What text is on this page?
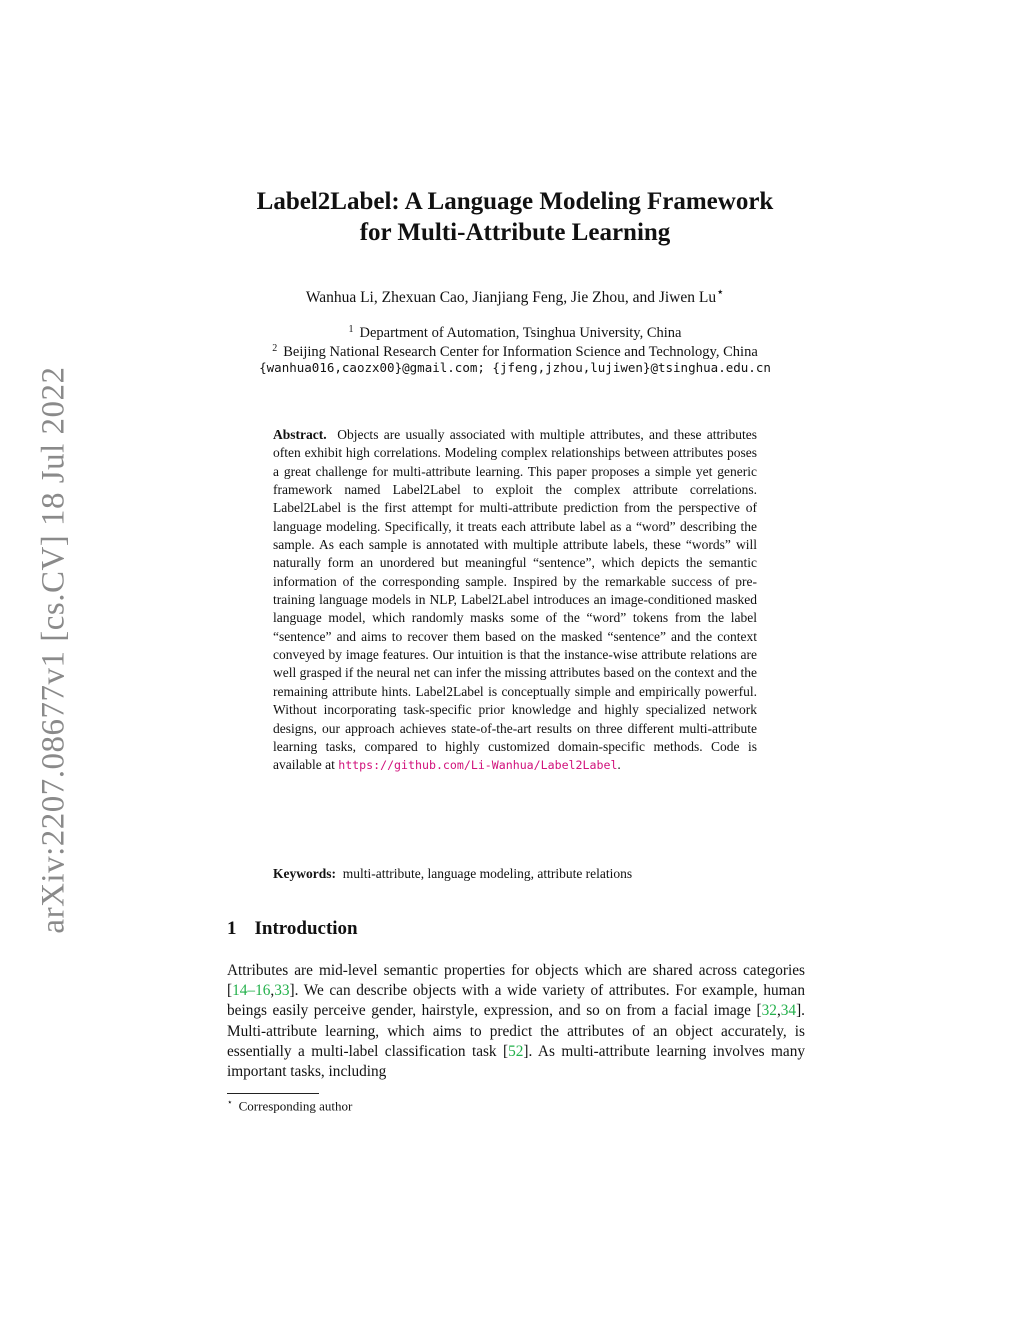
arXiv:2207.08677v1 [cs.CV] 18 Jul 2022
Label2Label: A Language Modeling Framework
for Multi-Attribute Learning
Wanhua Li, Zhexuan Cao, Jianjiang Feng, Jie Zhou, and Jiwen Lu⋆
$^1$ Department of Automation, Tsinghua University, China
$^2$ Beijing National Research Center for Information Science and Technology, China
{wanhua016,caozx00}@gmail.com; {jfeng,jzhou,lujiwen}@tsinghua.edu.cn
Abstract. Objects are usually associated with multiple attributes, and these attributes often exhibit high correlations. Modeling complex relationships between attributes poses a great challenge for multi-attribute learning. This paper proposes a simple yet generic framework named Label2Label to exploit the complex attribute correlations. Label2Label is the first attempt for multi-attribute prediction from the perspective of language modeling. Specifically, it treats each attribute label as a “word” describing the sample. As each sample is annotated with multiple attribute labels, these “words” will naturally form an unordered but meaningful “sentence”, which depicts the semantic information of the corresponding sample. Inspired by the remarkable success of pre-training language models in NLP, Label2Label introduces an image-conditioned masked language model, which randomly masks some of the “word” tokens from the label “sentence” and aims to recover them based on the masked “sentence” and the context conveyed by image features. Our intuition is that the instance-wise attribute relations are well grasped if the neural net can infer the missing attributes based on the context and the remaining attribute hints. Label2Label is conceptually simple and empirically powerful. Without incorporating task-specific prior knowledge and highly specialized network designs, our approach achieves state-of-the-art results on three different multi-attribute learning tasks, compared to highly customized domain-specific methods. Code is available at https://github.com/Li-Wanhua/Label2Label.
Keywords: multi-attribute, language modeling, attribute relations
1 Introduction
Attributes are mid-level semantic properties for objects which are shared across categories [14–16,33]. We can describe objects with a wide variety of attributes. For example, human beings easily perceive gender, hairstyle, expression, and so on from a facial image [32,34]. Multi-attribute learning, which aims to predict the attributes of an object accurately, is essentially a multi-label classification task [52]. As multi-attribute learning involves many important tasks, including
⋆ Corresponding author
